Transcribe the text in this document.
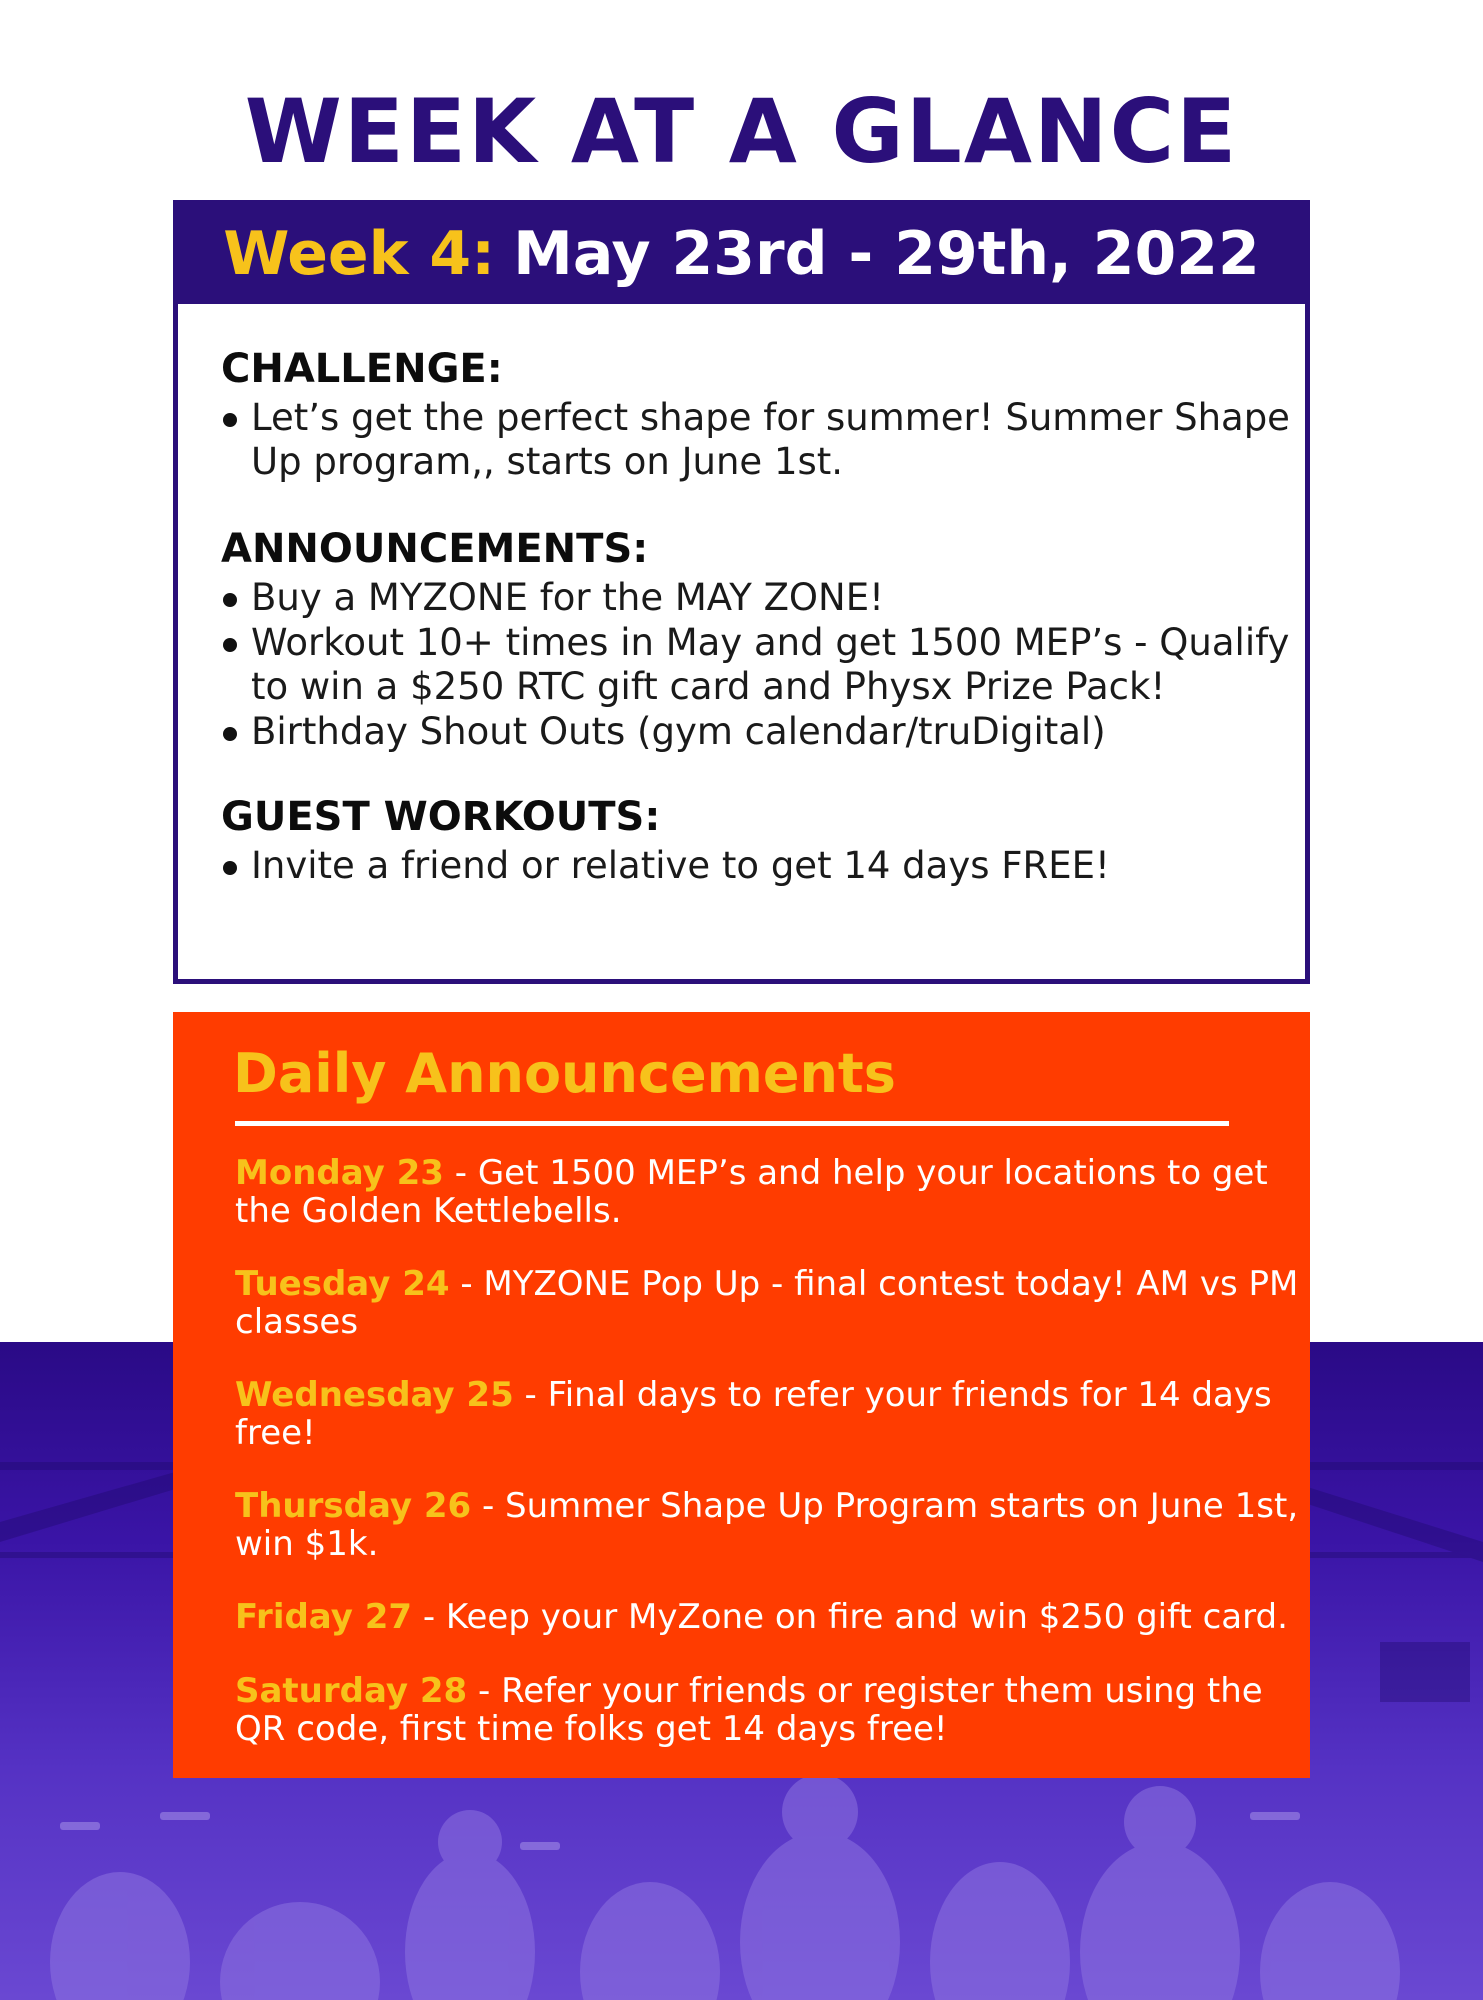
WEEK AT A GLANCE
Week 4: May 23rd - 29th, 2022
CHALLENGE:
Let’s get the perfect shape for summer! Summer Shape Up program,, starts on June 1st.
ANNOUNCEMENTS:
Buy a MYZONE for the MAY ZONE!
Workout 10+ times in May and get 1500 MEP’s - Qualify to win a $250 RTC gift card and Physx Prize Pack!
Birthday Shout Outs (gym calendar/truDigital)
GUEST WORKOUTS:
Invite a friend or relative to get 14 days FREE!
Daily Announcements
Monday 23 - Get 1500 MEP’s and help your locations to get the Golden Kettlebells.
Tuesday 24 - MYZONE Pop Up - final contest today! AM vs PM classes
Wednesday 25 - Final days to refer your friends for 14 days free!
Thursday 26 - Summer Shape Up Program starts on June 1st, win $1k.
Friday 27 - Keep your MyZone on fire and win $250 gift card.
Saturday 28 - Refer your friends or register them using the QR code, first time folks get 14 days free!
